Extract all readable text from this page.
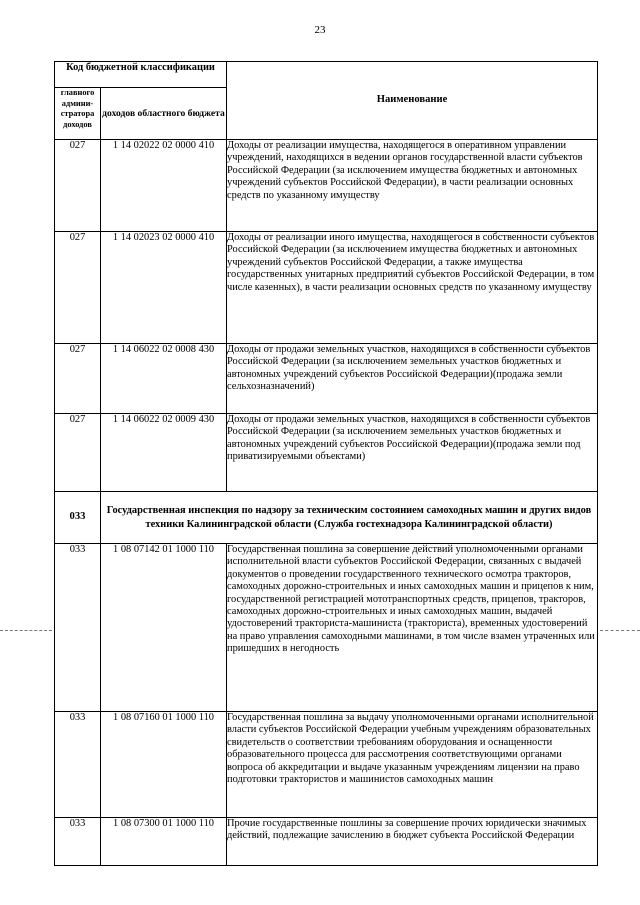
23
Код бюджетной классификации		Наименование
главного админи-стратора доходов	доходов областного бюджета	
027	1 14 02022 02 0000 410	Доходы от реализации имущества, находящегося в оперативном управлении учреждений, находящихся в ведении органов государственной власти субъектов Российской Федерации (за исключением имущества бюджетных и автономных учреждений субъектов Российской Федерации), в части реализации основных средств по указанному имуществу
027	1 14 02023 02 0000 410	Доходы от реализации иного имущества, находящегося в собственности субъектов Российской Федерации (за исключением имущества бюджетных и автономных учреждений субъектов Российской Федерации, а также имущества государственных унитарных предприятий субъектов Российской Федерации, в том числе казенных), в части реализации основных средств по указанному имуществу
027	1 14 06022 02 0008 430	Доходы от продажи земельных участков, находящихся в собственности субъектов Российской Федерации (за исключением земельных участков бюджетных и автономных учреждений субъектов Российской Федерации)(продажа земли сельхозназначений)
027	1 14 06022 02 0009 430	Доходы от продажи земельных участков, находящихся в собственности субъектов Российской Федерации (за исключением земельных участков бюджетных и автономных учреждений субъектов Российской Федерации)(продажа земли под приватизируемыми объектами)
033	Государственная инспекция по надзору за техническим состоянием самоходных машин и других видов техники Калининградской области (Служба гостехнадзора Калининградской области)	
033	1 08 07142 01 1000 110	Государственная пошлина за совершение действий уполномоченными органами исполнительной власти субъектов Российской Федерации, связанных с выдачей документов о проведении государственного технического осмотра тракторов, самоходных дорожно-строительных и иных самоходных машин и прицепов к ним, государственной регистрацией мототранспортных средств, прицепов, тракторов, самоходных дорожно-строительных и иных самоходных машин, выдачей удостоверений тракториста-машиниста (тракториста), временных удостоверений на право управления самоходными машинами, в том числе взамен утраченных или пришедших в негодность
033	1 08 07160 01 1000 110	Государственная пошлина за выдачу уполномоченными органами исполнительной власти субъектов Российской Федерации учебным учреждениям образовательных свидетельств о соответствии требованиям оборудования и оснащенности образовательного процесса для рассмотрения соответствующими органами вопроса об аккредитации и выдаче указанным учреждениям лицензии на право подготовки трактористов и машинистов самоходных машин
033	1 08 07300 01 1000 110	Прочие государственные пошлины за совершение прочих юридически значимых действий, подлежащие зачислению в бюджет субъекта Российской Федерации
